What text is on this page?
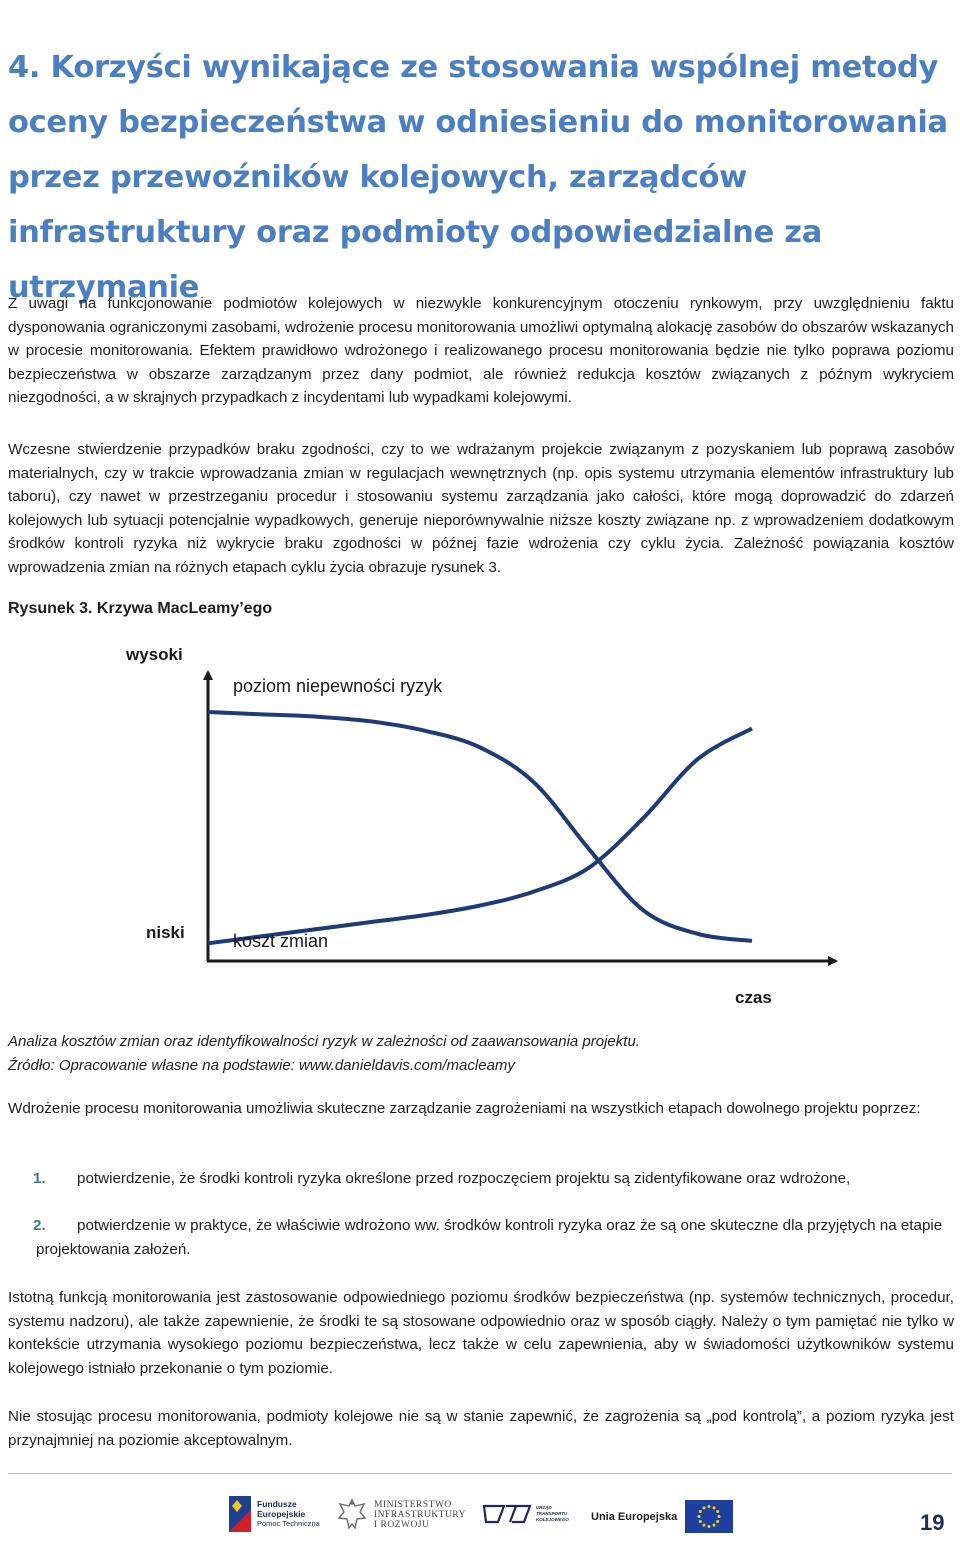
4. Korzyści wynikające ze stosowania wspólnej metody oceny bezpieczeństwa w odniesieniu do monitorowania przez przewoźników kolejowych, zarządców infrastruktury oraz podmioty odpowiedzialne za utrzymanie

Z uwagi na funkcjonowanie podmiotów kolejowych w niezwykle konkurencyjnym otoczeniu rynkowym, przy uwzględnieniu faktu dysponowania ograniczonymi zasobami, wdrożenie procesu monitorowania umożliwi optymalną alokację zasobów do obszarów wskazanych w procesie monitorowania. Efektem prawidłowo wdrożonego i realizowanego procesu monitorowania będzie nie tylko poprawa poziomu bezpieczeństwa w obszarze zarządzanym przez dany podmiot, ale również redukcja kosztów związanych z późnym wykryciem niezgodności, a w skrajnych przypadkach z incydentami lub wypadkami kolejowymi.

Wczesne stwierdzenie przypadków braku zgodności, czy to we wdrażanym projekcie związanym z pozyskaniem lub poprawą zasobów materialnych, czy w trakcie wprowadzania zmian w regulacjach wewnętrznych (np. opis systemu utrzymania elementów infrastruktury lub taboru), czy nawet w przestrzeganiu procedur i stosowaniu systemu zarządzania jako całości, które mogą doprowadzić do zdarzeń kolejowych lub sytuacji potencjalnie wypadkowych, generuje nieporównywalnie niższe koszty związane np. z wprowadzeniem dodatkowym środków kontroli ryzyka niż wykrycie braku zgodności w późnej fazie wdrożenia czy cyklu życia. Zależność powiązania kosztów wprowadzenia zmian na różnych etapach cyklu życia obrazuje rysunek 3.

Rysunek 3. Krzywa MacLeamy’ego

wysoki
niski
czas
poziom niepewności ryzyk
koszt zmian
Analiza kosztów zmian oraz identyfikowalności ryzyk w zależności od zaawansowania projektu.
Źródło: Opracowanie własne na podstawie: www.danieldavis.com/macleamy

Wdrożenie procesu monitorowania umożliwia skuteczne zarządzanie zagrożeniami na wszystkich etapach dowolnego projektu poprzez:

1.	potwierdzenie, że środki kontroli ryzyka określone przed rozpoczęciem projektu są zidentyfikowane oraz wdrożone,
2.	potwierdzenie w praktyce, że właściwie wdrożono ww. środków kontroli ryzyka oraz że są one skuteczne dla przyjętych na etapie projektowania założeń.

Istotną funkcją monitorowania jest zastosowanie odpowiedniego poziomu środków bezpieczeństwa (np. systemów technicznych, procedur, systemu nadzoru), ale także zapewnienie, że środki te są stosowane odpowiednio oraz w sposób ciągły. Należy o tym pamiętać nie tylko w kontekście utrzymania wysokiego poziomu bezpieczeństwa, lecz także w celu zapewnienia, aby w świadomości użytkowników systemu kolejowego istniało przekonanie o tym poziomie.

Nie stosując procesu monitorowania, podmioty kolejowe nie są w stanie zapewnić, że zagrożenia są „pod kontrolą”, a poziom ryzyka jest przynajmniej na poziomie akceptowalnym.

Fundusze
Europejskie
Pomoc Techniczna
MINISTERSTWO
INFRASTRUKTURY
I ROZWOJU
URZĄD
TRANSPORTU
KOLEJOWEGO Unia Europejska	19
